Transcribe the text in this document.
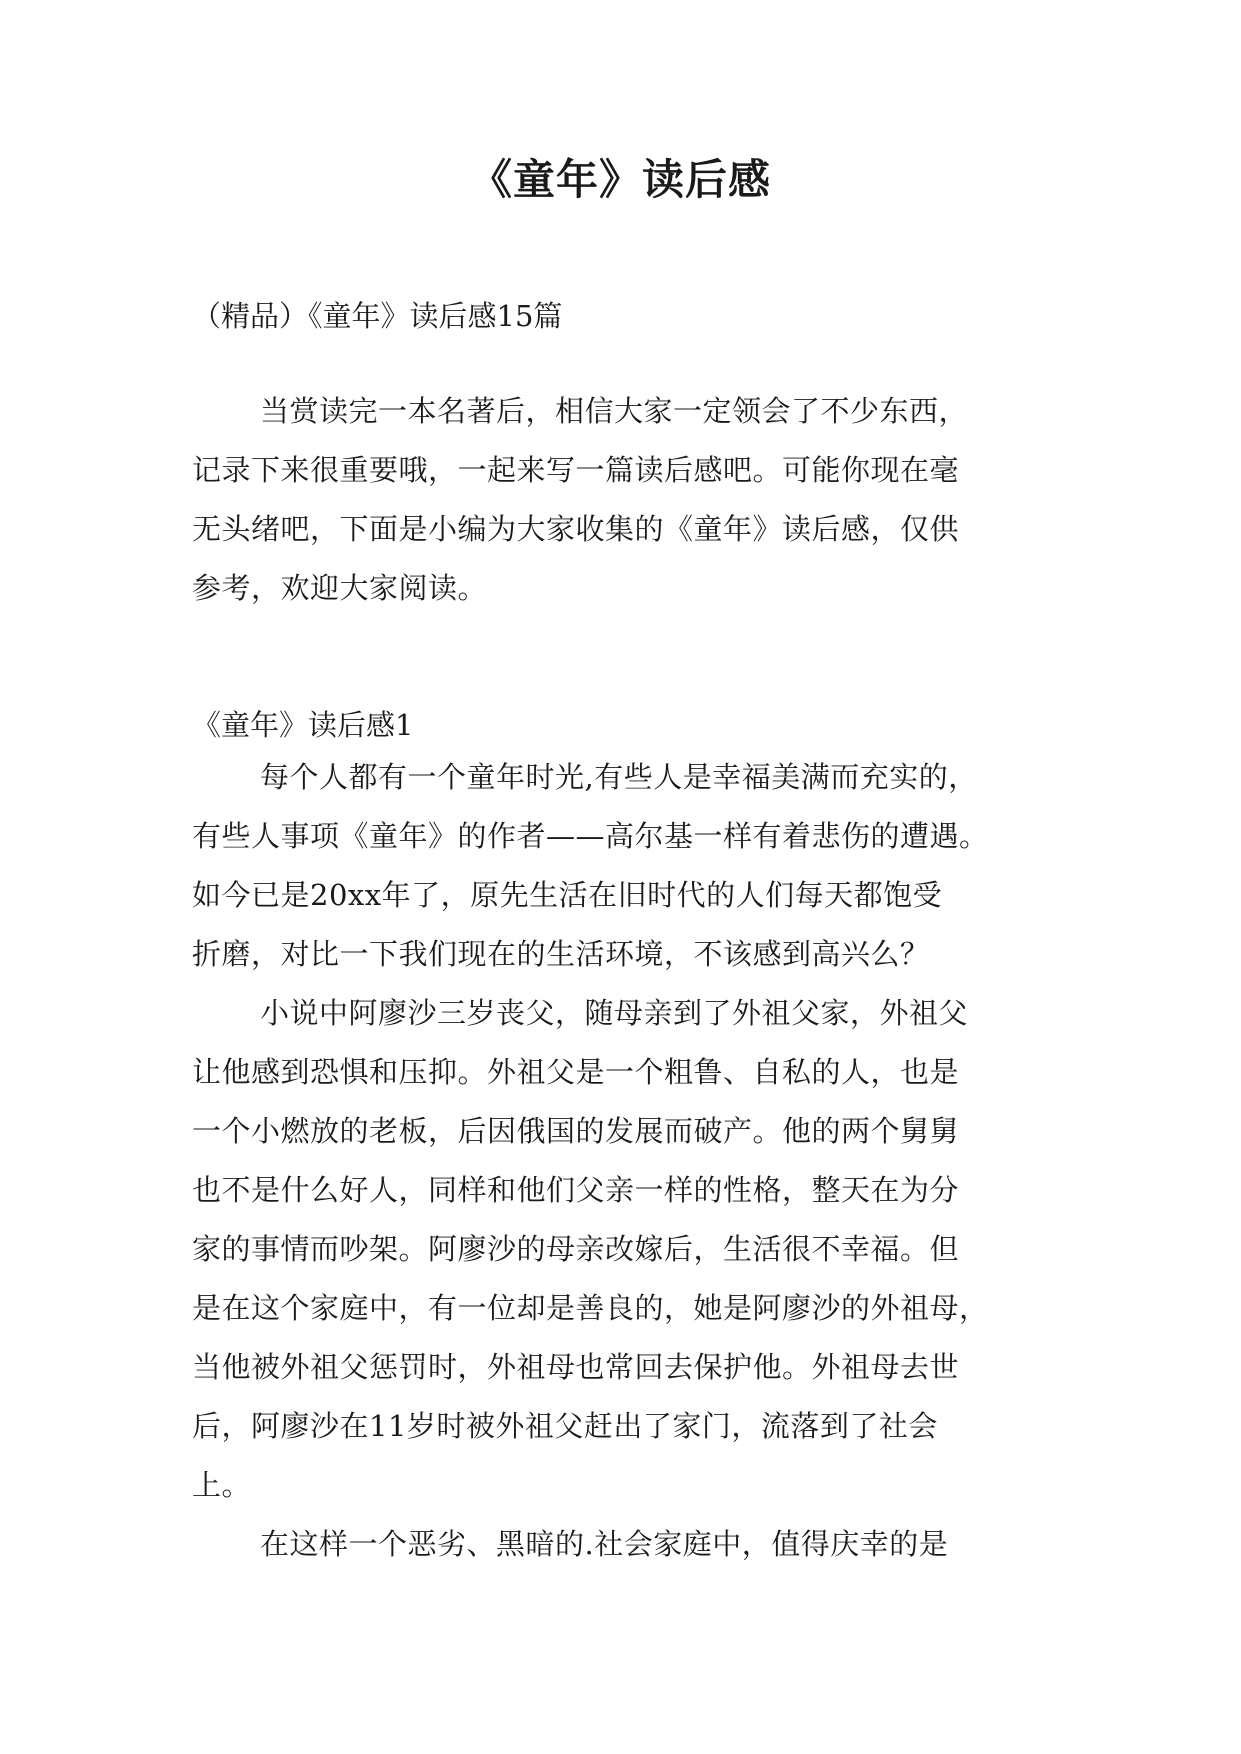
《童年》读后感
（精品）《童年》读后感15篇
当赏读完一本名著后，相信大家一定领会了不少东西，
记录下来很重要哦，一起来写一篇读后感吧。可能你现在毫
无头绪吧，下面是小编为大家收集的《童年》读后感，仅供
参考，欢迎大家阅读。
《童年》读后感1
每个人都有一个童年时光,有些人是幸福美满而充实的，
有些人事项《童年》的作者——高尔基一样有着悲伤的遭遇。
如今已是20xx年了，原先生活在旧时代的人们每天都饱受
折磨，对比一下我们现在的生活环境，不该感到高兴么？
小说中阿廖沙三岁丧父，随母亲到了外祖父家，外祖父
让他感到恐惧和压抑。外祖父是一个粗鲁、自私的人，也是
一个小燃放的老板，后因俄国的发展而破产。他的两个舅舅
也不是什么好人，同样和他们父亲一样的性格，整天在为分
家的事情而吵架。阿廖沙的母亲改嫁后，生活很不幸福。但
是在这个家庭中，有一位却是善良的，她是阿廖沙的外祖母，
当他被外祖父惩罚时，外祖母也常回去保护他。外祖母去世
后，阿廖沙在11岁时被外祖父赶出了家门，流落到了社会
上。
在这样一个恶劣、黑暗的.社会家庭中，值得庆幸的是
